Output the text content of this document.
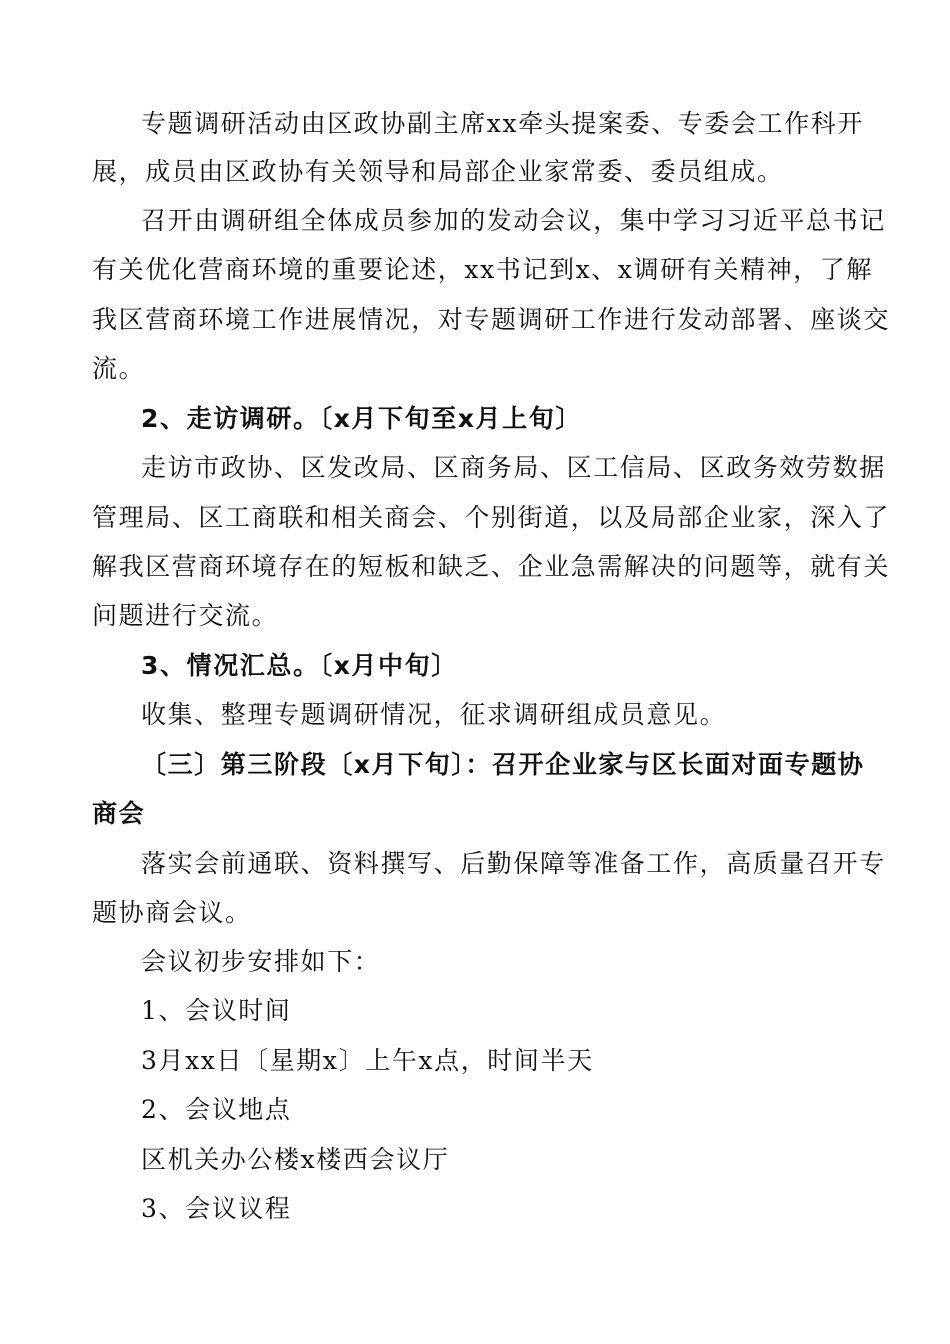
专题调研活动由区政协副主席xx牵头提案委、专委会工作科开
展，成员由区政协有关领导和局部企业家常委、委员组成。
召开由调研组全体成员参加的发动会议，集中学习习近平总书记
有关优化营商环境的重要论述，xx书记到x、x调研有关精神，了解
我区营商环境工作进展情况，对专题调研工作进行发动部署、座谈交
流。
2、走访调研。〔x月下旬至x月上旬〕
走访市政协、区发改局、区商务局、区工信局、区政务效劳数据
管理局、区工商联和相关商会、个别街道，以及局部企业家，深入了
解我区营商环境存在的短板和缺乏、企业急需解决的问题等，就有关
问题进行交流。
3、情况汇总。〔x月中旬〕
收集、整理专题调研情况，征求调研组成员意见。
〔三〕第三阶段〔x月下旬〕：召开企业家与区长面对面专题协
商会
落实会前通联、资料撰写、后勤保障等准备工作，高质量召开专
题协商会议。
会议初步安排如下：
1、会议时间
3月xx日〔星期x〕上午x点，时间半天
2、会议地点
区机关办公楼x楼西会议厅
3、会议议程
